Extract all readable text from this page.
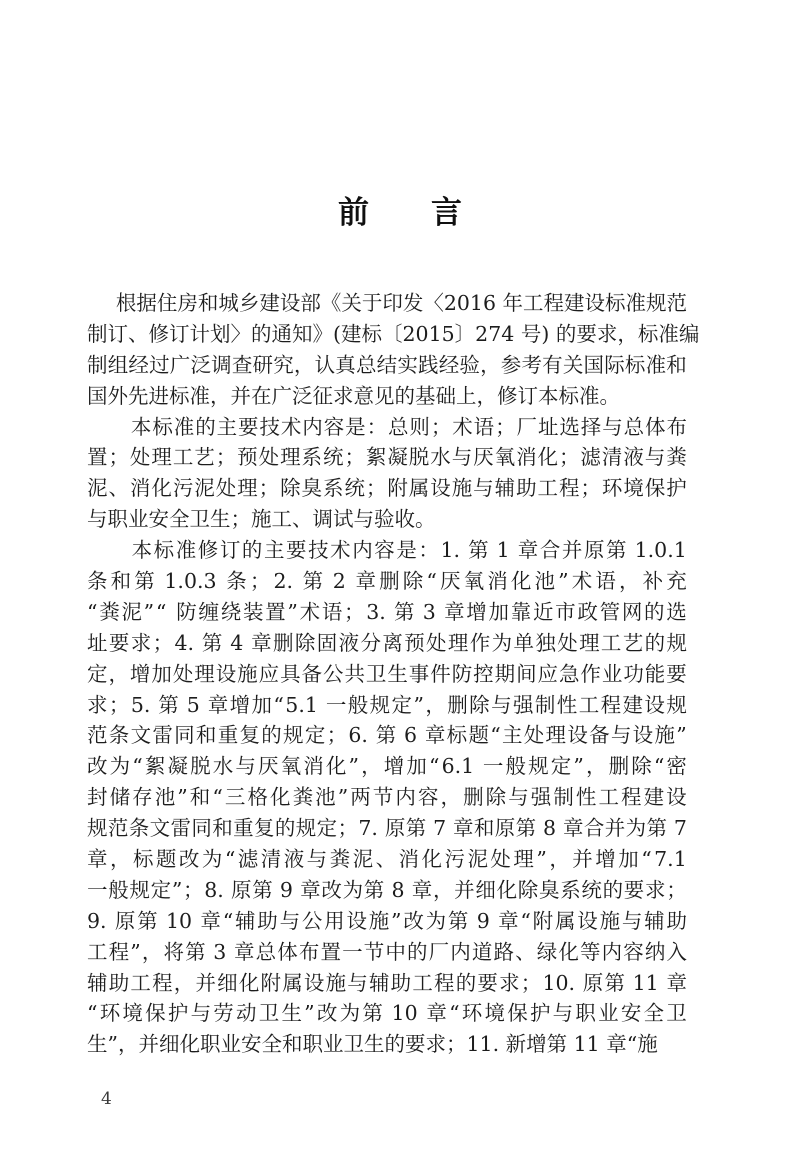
前　　言
根 据 住 房 和 城 乡 建 设 部 《 关 于 印 发 〈 2016 年 工 程 建 设 标 准 规 范
制 订 、 修 订 计 划 〉 的 通 知 》 ( 建 标 〔 2015 〕 274 号 )
的 要 求 ， 标 准 编
制 组 经 过 广 泛 调 查 研 究 ， 认 真 总 结 实 践 经 验 ， 参 考 有 关 国 际 标 准 和
国 外 先 进 标 准 ， 并 在 广 泛 征 求 意 见 的 基 础 上 ， 修 订 本 标 准 。
本 标 准 的 主 要 技 术 内 容 是 ： 总 则 ； 术 语 ； 厂 址 选 择 与 总 体 布
置 ； 处 理 工 艺 ； 预 处 理 系 统 ； 絮 凝 脱 水 与 厌 氧 消 化 ； 滤 清 液 与 粪
泥 、 消 化 污 泥 处 理 ； 除 臭 系 统 ； 附 属 设 施 与 辅 助 工 程 ； 环 境 保 护
与 职 业 安 全 卫 生 ； 施 工 、 调 试 与 验 收 。
本 标 准 修 订 的 主 要 技 术 内 容 是 ： 1. 第 1 章 合 并 原 第 1.0.1
条 和 第 1.0.3 条 ； 2. 第 2 章 删 除 “ 厌 氧 消 化 池 ” 术 语 ， 补 充
“ 粪 泥 ” “
防 缠 绕 装 置 ” 术 语 ； 3. 第 3 章 增 加 靠 近 市 政 管 网 的 选
址 要 求 ； 4. 第 4 章 删 除 固 液 分 离 预 处 理 作 为 单 独 处 理 工 艺 的 规
定 ， 增 加 处 理 设 施 应 具 备 公 共 卫 生 事 件 防 控 期 间 应 急 作 业 功 能 要
求 ； 5. 第 5 章 增 加 “ 5.1 一 般 规 定 ” ， 删 除 与 强 制 性 工 程 建 设 规
范 条 文 雷 同 和 重 复 的 规 定 ； 6. 第 6 章 标 题 “ 主 处 理 设 备 与 设 施 ”
改 为 “ 絮 凝 脱 水 与 厌 氧 消 化 ” ， 增 加 “ 6.1 一 般 规 定 ” ， 删 除 “ 密
封 储 存 池 ” 和 “ 三 格 化 粪 池 ” 两 节 内 容 ， 删 除 与 强 制 性 工 程 建 设
规 范 条 文 雷 同 和 重 复 的 规 定 ； 7. 原 第 7 章 和 原 第 8 章 合 并 为 第 7
章 ， 标 题 改 为 “ 滤 清 液 与 粪 泥 、 消 化 污 泥 处 理 ” ， 并 增 加 “ 7.1
一 般 规 定 ” ； 8. 原 第 9 章 改 为 第 8 章 ， 并 细 化 除 臭 系 统 的 要 求 ；
9. 原 第 10 章 “ 辅 助 与 公 用 设 施 ” 改 为 第 9 章 “ 附 属 设 施 与 辅 助
工 程 ” ， 将 第 3 章 总 体 布 置 一 节 中 的 厂 内 道 路 、 绿 化 等 内 容 纳 入
辅 助 工 程 ， 并 细 化 附 属 设 施 与 辅 助 工 程 的 要 求 ； 10. 原 第 11 章
“ 环 境 保 护 与 劳 动 卫 生 ” 改 为 第 10 章 “ 环 境 保 护 与 职 业 安 全 卫
生 ” ， 并 细 化 职 业 安 全 和 职 业 卫 生 的 要 求 ； 11. 新 增 第 11 章 “ 施
4
